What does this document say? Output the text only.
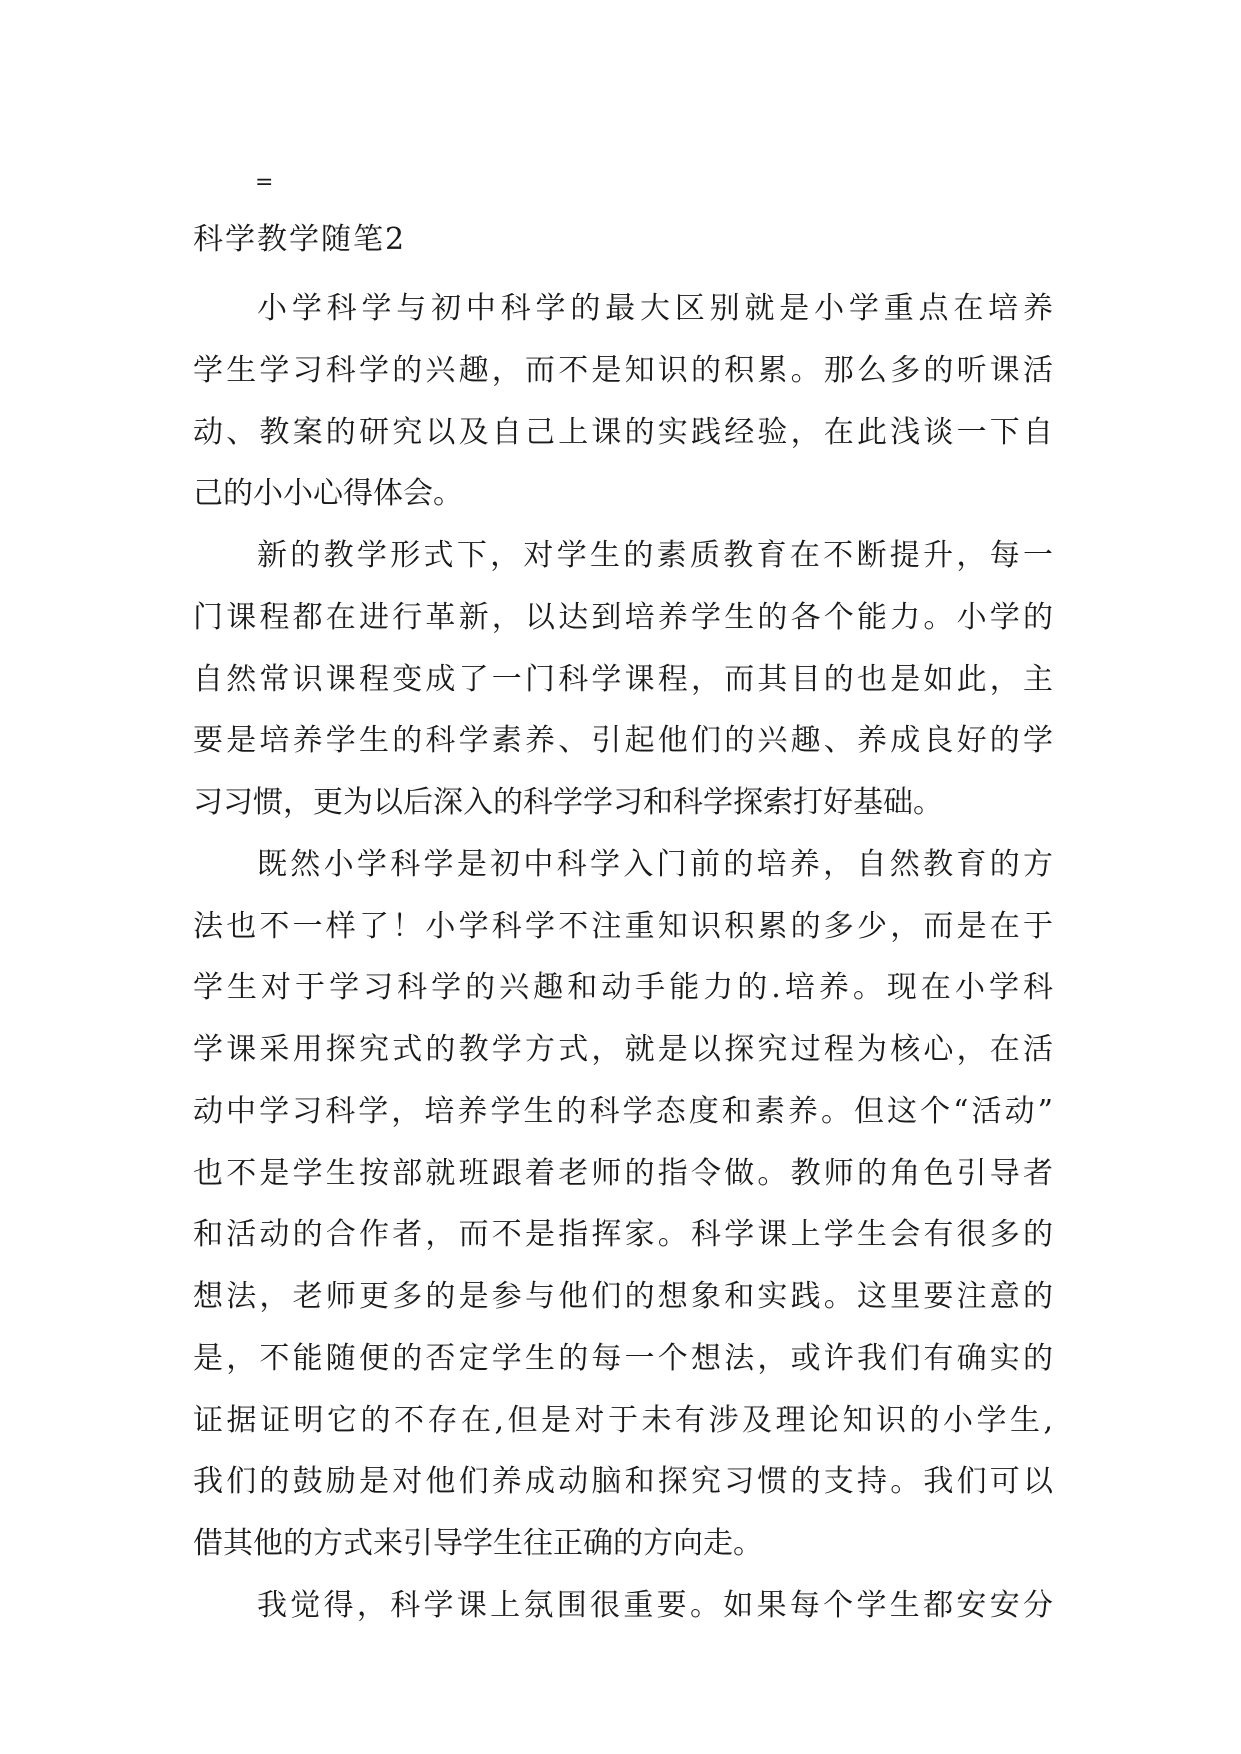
=
科学教学随笔2
小学科学与初中科学的最大区别就是小学重点在培养
学生学习科学的兴趣，而不是知识的积累。那么多的听课活
动、教案的研究以及自己上课的实践经验，在此浅谈一下自
己的小小心得体会。
新的教学形式下，对学生的素质教育在不断提升，每一
门课程都在进行革新，以达到培养学生的各个能力。小学的
自然常识课程变成了一门科学课程，而其目的也是如此，主
要是培养学生的科学素养、引起他们的兴趣、养成良好的学
习习惯，更为以后深入的科学学习和科学探索打好基础。
既然小学科学是初中科学入门前的培养，自然教育的方
法也不一样了！小学科学不注重知识积累的多少，而是在于
学生对于学习科学的兴趣和动手能力的.培养。现在小学科
学课采用探究式的教学方式，就是以探究过程为核心，在活
动中学习科学，培养学生的科学态度和素养。但这个“活动”
也不是学生按部就班跟着老师的指令做。教师的角色引导者
和活动的合作者，而不是指挥家。科学课上学生会有很多的
想法，老师更多的是参与他们的想象和实践。这里要注意的
是，不能随便的否定学生的每一个想法，或许我们有确实的
证据证明它的不存在,但是对于未有涉及理论知识的小学生,
我们的鼓励是对他们养成动脑和探究习惯的支持。我们可以
借其他的方式来引导学生往正确的方向走。
我觉得，科学课上氛围很重要。如果每个学生都安安分
